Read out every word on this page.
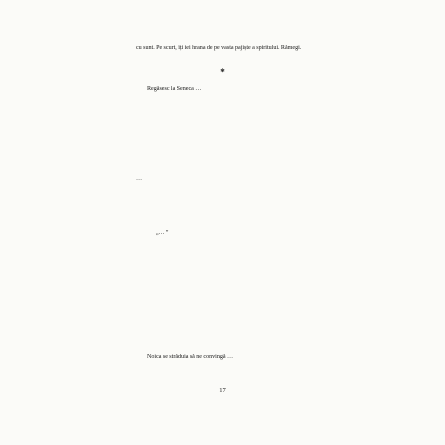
cu sunt. Pe scurt, îți iei hrana de pe vasta pajiște a spiritului. Rămegi.

*

Regăsesc la Seneca …

…

„… ”

Noica se străduia să ne convingă …

17
